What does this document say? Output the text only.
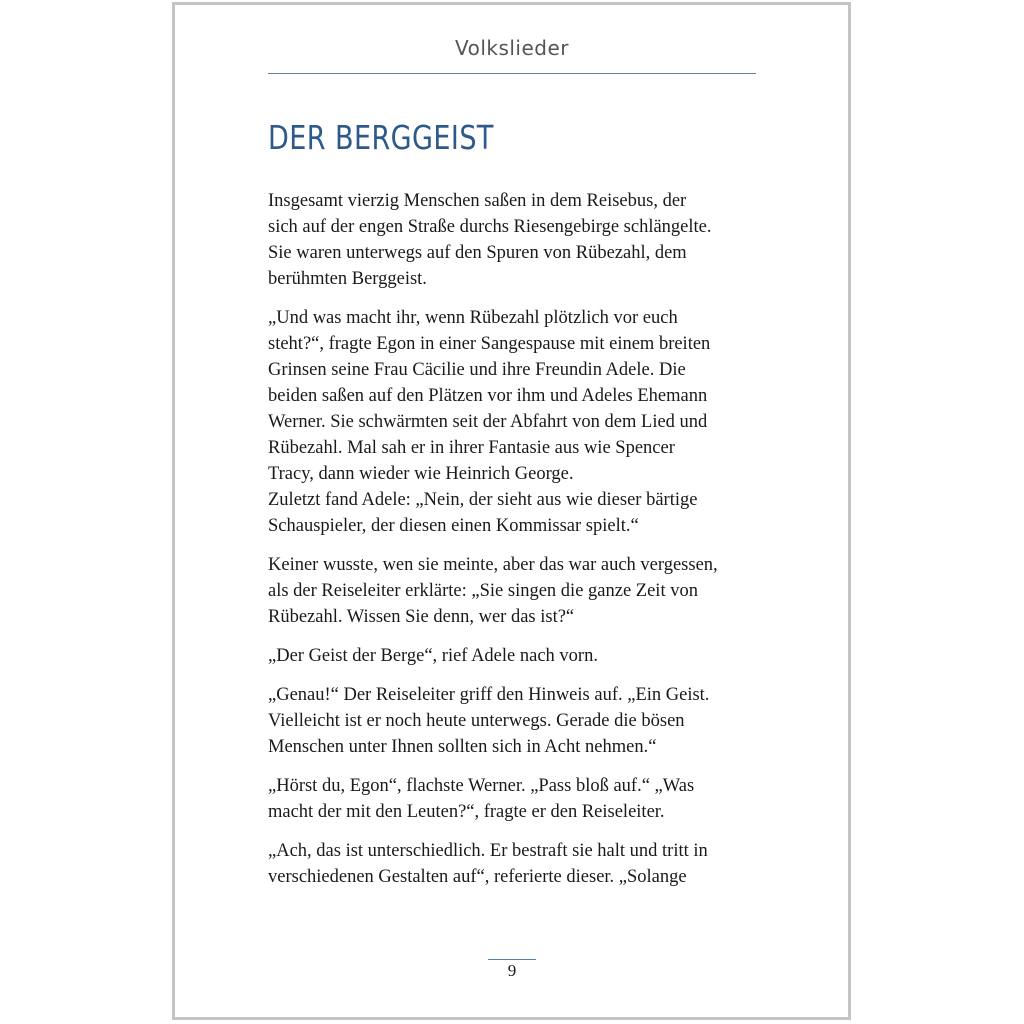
Volkslieder
DER BERGGEIST
Insgesamt vierzig Menschen saßen in dem Reisebus, der
sich auf der engen Straße durchs Riesengebirge schlängelte.
Sie waren unterwegs auf den Spuren von Rübezahl, dem
berühmten Berggeist.
„Und was macht ihr, wenn Rübezahl plötzlich vor euch
steht?“, fragte Egon in einer Sangespause mit einem breiten
Grinsen seine Frau Cäcilie und ihre Freundin Adele. Die
beiden saßen auf den Plätzen vor ihm und Adeles Ehemann
Werner. Sie schwärmten seit der Abfahrt von dem Lied und
Rübezahl. Mal sah er in ihrer Fantasie aus wie Spencer
Tracy, dann wieder wie Heinrich George.
Zuletzt fand Adele: „Nein, der sieht aus wie dieser bärtige
Schauspieler, der diesen einen Kommissar spielt.“
Keiner wusste, wen sie meinte, aber das war auch vergessen,
als der Reiseleiter erklärte: „Sie singen die ganze Zeit von
Rübezahl. Wissen Sie denn, wer das ist?“
„Der Geist der Berge“, rief Adele nach vorn.
„Genau!“ Der Reiseleiter griff den Hinweis auf. „Ein Geist.
Vielleicht ist er noch heute unterwegs. Gerade die bösen
Menschen unter Ihnen sollten sich in Acht nehmen.“
„Hörst du, Egon“, flachste Werner. „Pass bloß auf.“ „Was
macht der mit den Leuten?“, fragte er den Reiseleiter.
„Ach, das ist unterschiedlich. Er bestraft sie halt und tritt in
verschiedenen Gestalten auf“, referierte dieser. „Solange
9
